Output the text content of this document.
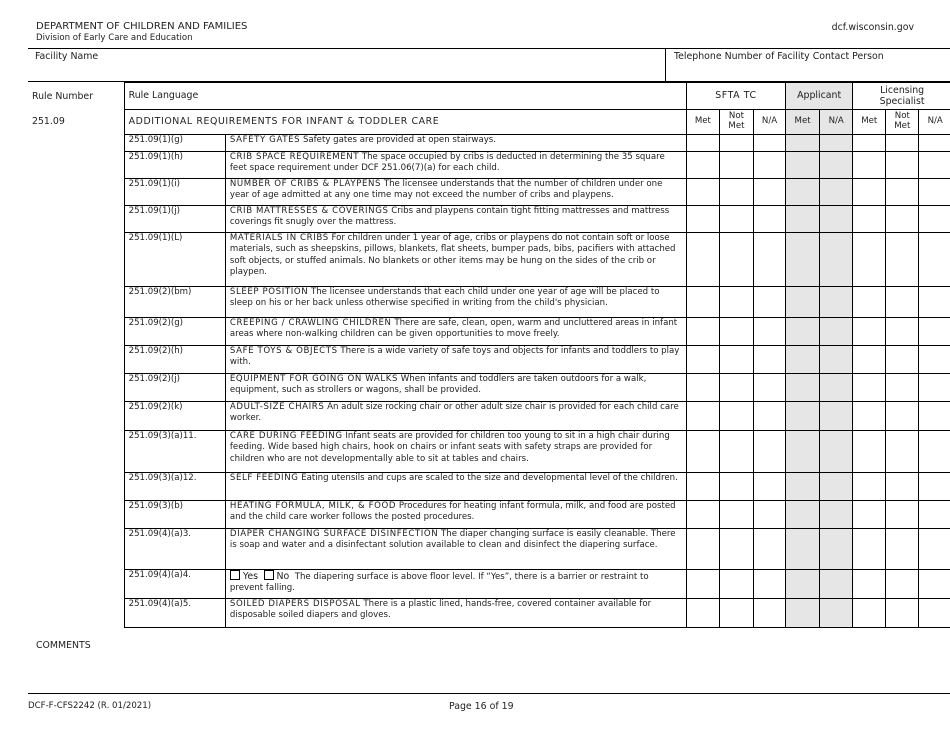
DEPARTMENT OF CHILDREN AND FAMILIES
Division of Early Care and Education
dcf.wisconsin.gov
Facility Name	Telephone Number of Facility Contact Person
Rule Number	Rule Language		SFTA TC			Applicant		Licensing Specialist		

251.09	ADDITIONAL REQUIREMENTS FOR INFANT & TODDLER CARE		Met	Not Met	N/A	Met	N/A	Met	Not Met	N/A
	251.09(1)(g)	SAFETY GATES Safety gates are provided at open stairways.								
	251.09(1)(h)	CRIB SPACE REQUIREMENT The space occupied by cribs is deducted in determining the 35 square feet space requirement under DCF 251.06(7)(a) for each child.								
	251.09(1)(i)	NUMBER OF CRIBS & PLAYPENS The licensee understands that the number of children under one year of age admitted at any one time may not exceed the number of cribs and playpens.								
	251.09(1)(j)	CRIB MATTRESSES & COVERINGS Cribs and playpens contain tight fitting mattresses and mattress coverings fit snugly over the mattress.								
	251.09(1)(L)	MATERIALS IN CRIBS For children under 1 year of age, cribs or playpens do not contain soft or loose materials, such as sheepskins, pillows, blankets, flat sheets, bumper pads, bibs, pacifiers with attached soft objects, or stuffed animals. No blankets or other items may be hung on the sides of the crib or playpen.								
	251.09(2)(bm)	SLEEP POSITION The licensee understands that each child under one year of age will be placed to sleep on his or her back unless otherwise specified in writing from the child's physician.								
	251.09(2)(g)	CREEPING / CRAWLING CHILDREN There are safe, clean, open, warm and uncluttered areas in infant areas where non-walking children can be given opportunities to move freely.								
	251.09(2)(h)	SAFE TOYS & OBJECTS There is a wide variety of safe toys and objects for infants and toddlers to play with.								
	251.09(2)(j)	EQUIPMENT FOR GOING ON WALKS When infants and toddlers are taken outdoors for a walk, equipment, such as strollers or wagons, shall be provided.								
	251.09(2)(k)	ADULT-SIZE CHAIRS An adult size rocking chair or other adult size chair is provided for each child care worker.								
	251.09(3)(a)11.	CARE DURING FEEDING Infant seats are provided for children too young to sit in a high chair during feeding. Wide based high chairs, hook on chairs or infant seats with safety straps are provided for children who are not developmentally able to sit at tables and chairs.								
	251.09(3)(a)12.	SELF FEEDING Eating utensils and cups are scaled to the size and developmental level of the children.								
	251.09(3)(b)	HEATING FORMULA, MILK, & FOOD Procedures for heating infant formula, milk, and food are posted and the child care worker follows the posted procedures.								
	251.09(4)(a)3.	DIAPER CHANGING SURFACE DISINFECTION The diaper changing surface is easily cleanable. There is soap and water and a disinfectant solution available to clean and disinfect the diapering surface.								
	251.09(4)(a)4.	Yes No The diapering surface is above floor level. If “Yes”, there is a barrier or restraint to prevent falling.								
	251.09(4)(a)5.	SOILED DIAPERS DISPOSAL There is a plastic lined, hands-free, covered container available for disposable soiled diapers and gloves.								
COMMENTS
DCF-F-CFS2242 (R. 01/2021)	Page 16 of 19
